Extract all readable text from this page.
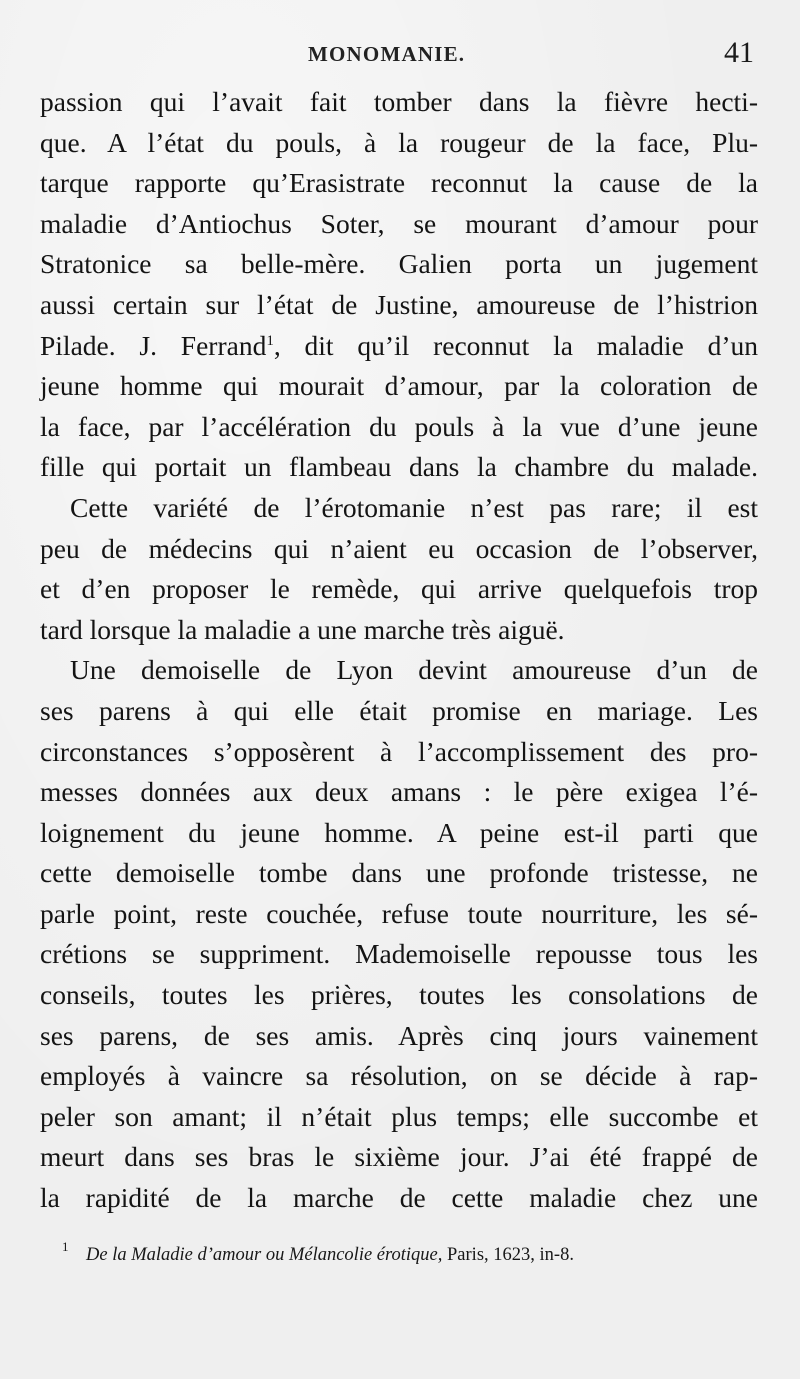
MONOMANIE.	41
passion qui l’avait fait tomber dans la fièvre hecti-
que. A l’état du pouls, à la rougeur de la face, Plu-
tarque rapporte qu’Erasistrate reconnut la cause de la
maladie d’Antiochus Soter, se mourant d’amour pour
Stratonice sa belle-mère. Galien porta un jugement
aussi certain sur l’état de Justine, amoureuse de l’histrion
Pilade. J. Ferrand$^1$, dit qu’il reconnut la maladie d’un
jeune homme qui mourait d’amour, par la coloration de
la face, par l’accélération du pouls à la vue d’une jeune
fille qui portait un flambeau dans la chambre du malade.
Cette variété de l’érotomanie n’est pas rare; il est
peu de médecins qui n’aient eu occasion de l’observer,
et d’en proposer le remède, qui arrive quelquefois trop
tard lorsque la maladie a une marche très aiguë.
Une demoiselle de Lyon devint amoureuse d’un de
ses parens à qui elle était promise en mariage. Les
circonstances s’opposèrent à l’accomplissement des pro-
messes données aux deux amans : le père exigea l’é-
loignement du jeune homme. A peine est-il parti que
cette demoiselle tombe dans une profonde tristesse, ne
parle point, reste couchée, refuse toute nourriture, les sé-
crétions se suppriment. Mademoiselle repousse tous les
conseils, toutes les prières, toutes les consolations de
ses parens, de ses amis. Après cinq jours vainement
employés à vaincre sa résolution, on se décide à rap-
peler son amant; il n’était plus temps; elle succombe et
meurt dans ses bras le sixième jour. J’ai été frappé de
la rapidité de la marche de cette maladie chez une
1 De la Maladie d’amour ou Mélancolie érotique, Paris, 1623, in-8.
